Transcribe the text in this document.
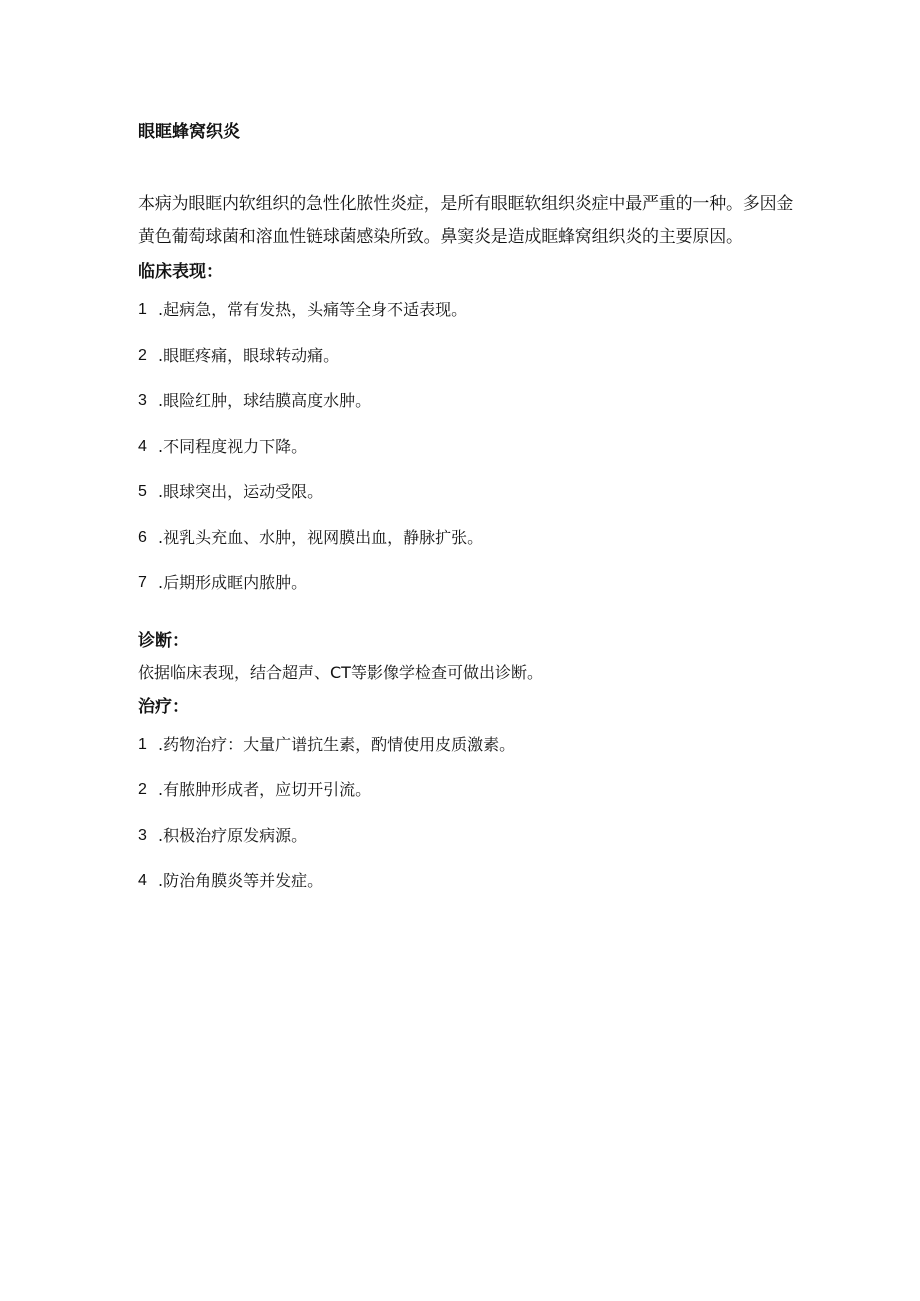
眼眶蜂窝织炎
本病为眼眶内软组织的急性化脓性炎症，是所有眼眶软组织炎症中最严重的一种。多因金黄色葡萄球菌和溶血性链球菌感染所致。鼻窦炎是造成眶蜂窝组织炎的主要原因。
临床表现：
1 .起病急，常有发热，头痛等全身不适表现。
2 .眼眶疼痛，眼球转动痛。
3 .眼险红肿，球结膜高度水肿。
4 .不同程度视力下降。
5 .眼球突出，运动受限。
6 .视乳头充血、水肿，视网膜出血，静脉扩张。
7 .后期形成眶内脓肿。
诊断：
依据临床表现，结合超声、CT等影像学检查可做出诊断。
治疗：
1 .药物治疗：大量广谱抗生素，酌情使用皮质激素。
2 .有脓肿形成者，应切开引流。
3 .积极治疗原发病源。
4 .防治角膜炎等并发症。
